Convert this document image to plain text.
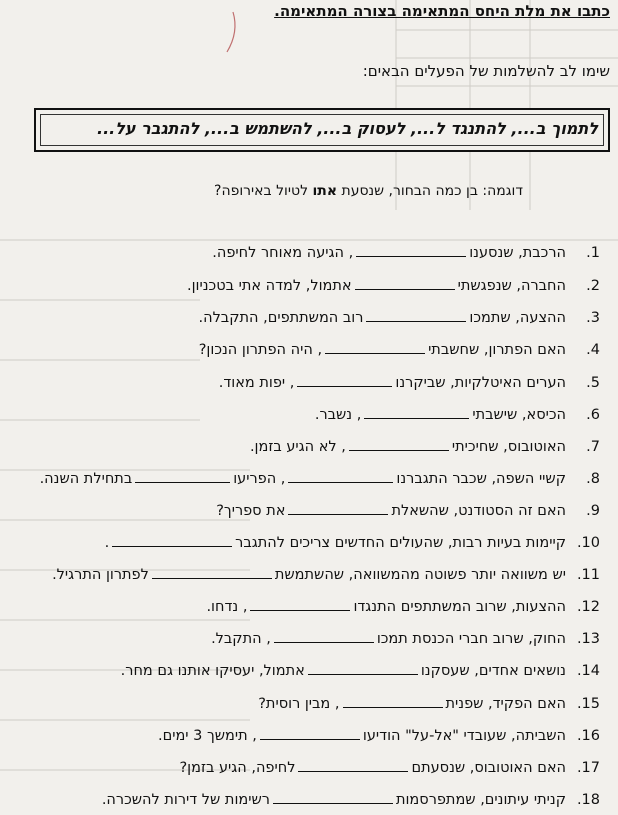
כתבו את מלת היחס המתאימה בצורה המתאימה.
שימו לב להשלמות של הפעלים הבאים:
לתמוך ב..., להתנגד ל..., לעסוק ב..., להשתמש ב..., להתגבר על...
דוגמה: בן כמה הבחור, שנסעת אתו לטיול באירופה?
1.
הרכבת, שנסענו
, הגיעה מאוחר לחיפה.
2.
החברה, שנפגשתי
אתמול, למדה אתי בטכניון.
3.
ההצעה, שתמכו
רוב המשתתפים, התקבלה.
4.
האם הפתרון, שחשבתי
, היה הפתרון הנכון?
5.
הערים האיטלקיות, שביקרנו
, יפות מאוד.
6.
הכיסא, שישבתי
, נשבר.
7.
האוטובוס, שחיכיתי
, לא הגיע בזמן.
8.
קשיי השפה, שכבר התגברנו
, הפריעו
בתחילת השנה.
9.
האם זה הסטודנט, שהשאלת
את ספריך?
10.
קיימות בעיות רבות, שהעולים החדשים צריכים להתגבר
.
11.
יש משוואה יותר פשוטה מהמשוואה, שהשתמשת
לפתרון התרגיל.
12.
ההצעות, שרוב המשתתפים התנגדו
, נדחו.
13.
החוק, שרוב חברי הכנסת תמכו
, התקבל.
14.
נושאים אחדים, שעסקנו
אתמול, יעסיקו אותנו גם מחר.
15.
האם הפקיד, שפנית
, מבין רוסית?
16.
השביתה, שעובדי "אל-על" הודיעו
, תימשך 3 ימים.
17.
האם האוטובוס, שנסעתם
לחיפה, הגיע בזמן?
18.
קניתי עיתונים, שמתפרסמות
רשימות של דירות להשכרה.
